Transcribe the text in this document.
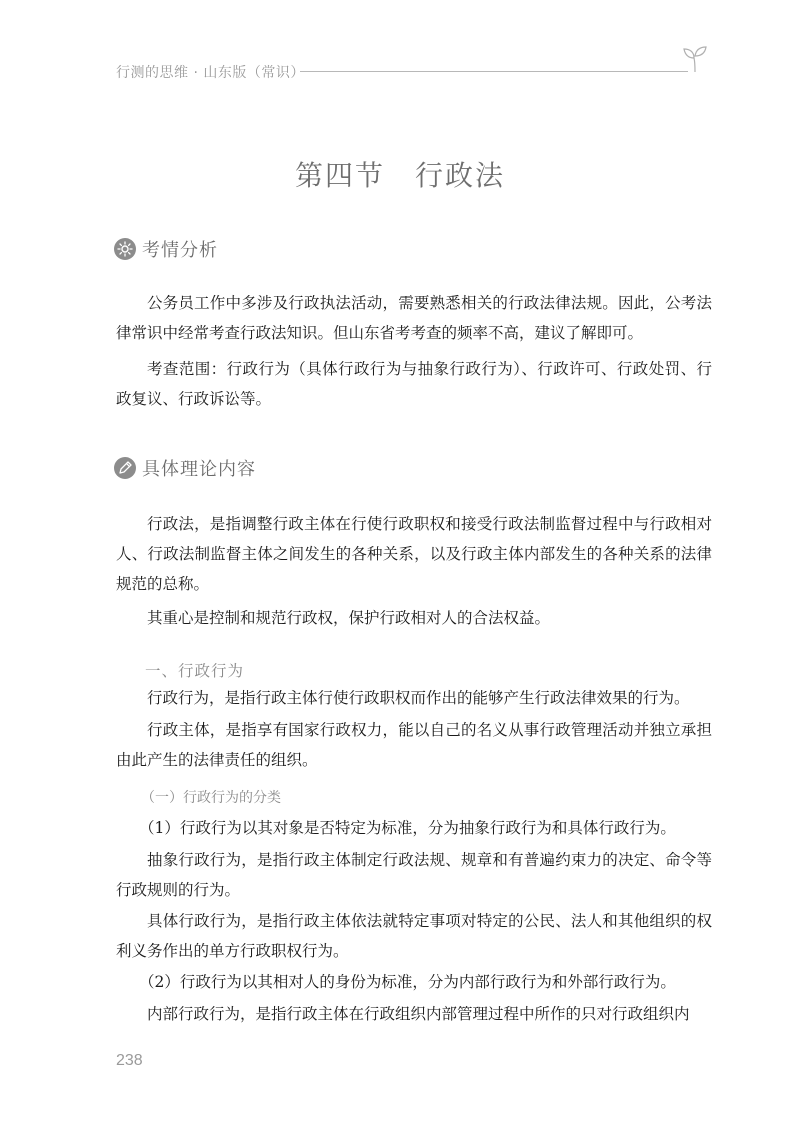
行测的思维 · 山东版（常识）
第四节　行政法
考情分析

公务员工作中多涉及行政执法活动，需要熟悉相关的行政法律法规。因此，公考法律常识中经常考查行政法知识。但山东省考考查的频率不高，建议了解即可。

考查范围：行政行为（具体行政行为与抽象行政行为）、行政许可、行政处罚、行政复议、行政诉讼等。

具体理论内容

行政法，是指调整行政主体在行使行政职权和接受行政法制监督过程中与行政相对人、行政法制监督主体之间发生的各种关系，以及行政主体内部发生的各种关系的法律规范的总称。

其重心是控制和规范行政权，保护行政相对人的合法权益。

一、行政行为

行政行为，是指行政主体行使行政职权而作出的能够产生行政法律效果的行为。

行政主体，是指享有国家行政权力，能以自己的名义从事行政管理活动并独立承担由此产生的法律责任的组织。

（一）行政行为的分类

（1）行政行为以其对象是否特定为标准，分为抽象行政行为和具体行政行为。

抽象行政行为，是指行政主体制定行政法规、规章和有普遍约束力的决定、命令等行政规则的行为。

具体行政行为，是指行政主体依法就特定事项对特定的公民、法人和其他组织的权利义务作出的单方行政职权行为。

（2）行政行为以其相对人的身份为标准，分为内部行政行为和外部行政行为。

内部行政行为，是指行政主体在行政组织内部管理过程中所作的只对行政组织内

238
